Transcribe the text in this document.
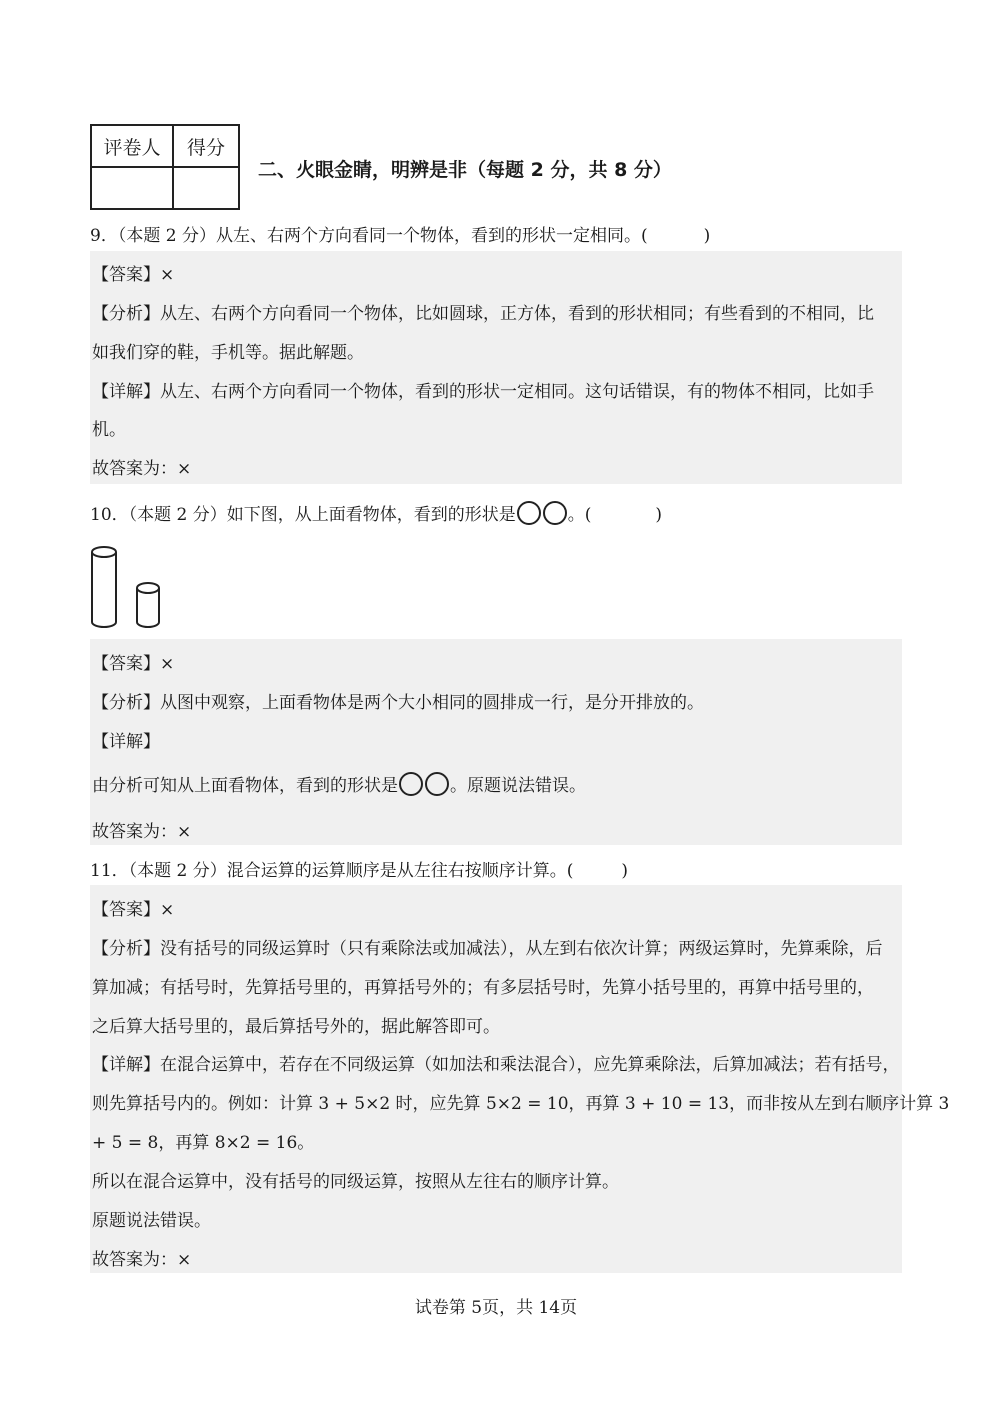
评卷人	得分

二、火眼金睛，明辨是非（每题 2 分，共 8 分）
9．（本题 2 分）从左、右两个方向看同一个物体，看到的形状一定相同。(	)
【答案】×
【分析】从左、右两个方向看同一个物体，比如圆球，正方体，看到的形状相同；有些看到的不相同，比
如我们穿的鞋，手机等。据此解题。
【详解】从左、右两个方向看同一个物体，看到的形状一定相同。这句话错误，有的物体不相同，比如手
机。
故答案为：×
10．（本题 2 分）如下图，从上面看物体，看到的形状是	。(	)
【答案】×
【分析】从图中观察，上面看物体是两个大小相同的圆排成一行，是分开排放的。
【详解】
由分析可知从上面看物体，看到的形状是	。原题说法错误。
故答案为：×
11．（本题 2 分）混合运算的运算顺序是从左往右按顺序计算。(	)
【答案】×
【分析】没有括号的同级运算时（只有乘除法或加减法），从左到右依次计算；两级运算时，先算乘除，后
算加减；有括号时，先算括号里的，再算括号外的；有多层括号时，先算小括号里的，再算中括号里的，
之后算大括号里的，最后算括号外的，据此解答即可。
【详解】在混合运算中，若存在不同级运算（如加法和乘法混合），应先算乘除法，后算加减法；若有括号，
则先算括号内的。例如：计算 3 + 5×2 时，应先算 5×2 = 10，再算 3 + 10 = 13，而非按从左到右顺序计算 3
+ 5 = 8，再算 8×2 = 16。
所以在混合运算中，没有括号的同级运算，按照从左往右的顺序计算。
原题说法错误。
故答案为：×
试卷第 5页，共 14页
